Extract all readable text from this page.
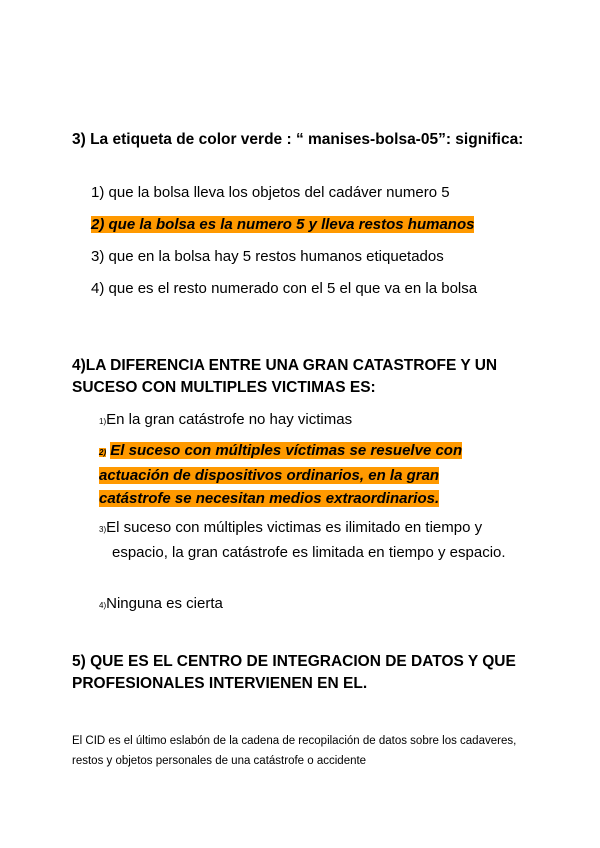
3) La etiqueta de color verde : “ manises-bolsa-05”: significa:
1) que la bolsa lleva los objetos del cadáver numero 5
2) que la bolsa es la numero 5 y lleva restos humanos
3) que en la bolsa hay 5 restos humanos etiquetados
4) que es el resto numerado con el 5 el que va en la bolsa
4)LA DIFERENCIA ENTRE UNA GRAN CATASTROFE Y UN SUCESO CON MULTIPLES VICTIMAS ES:
1)En la gran catástrofe no hay victimas
2) El suceso con múltiples víctimas se resuelve con actuación de dispositivos ordinarios, en la gran catástrofe se necesitan medios extraordinarios.
3)El suceso con múltiples victimas es ilimitado en tiempo y espacio, la gran catástrofe es limitada en tiempo y espacio.
4)Ninguna es cierta
5) QUE ES EL CENTRO DE INTEGRACION DE DATOS Y QUE PROFESIONALES INTERVIENEN EN EL.
El CID es el último eslabón de la cadena de recopilación de datos sobre los cadaveres, restos y objetos personales de una catástrofe o accidente
